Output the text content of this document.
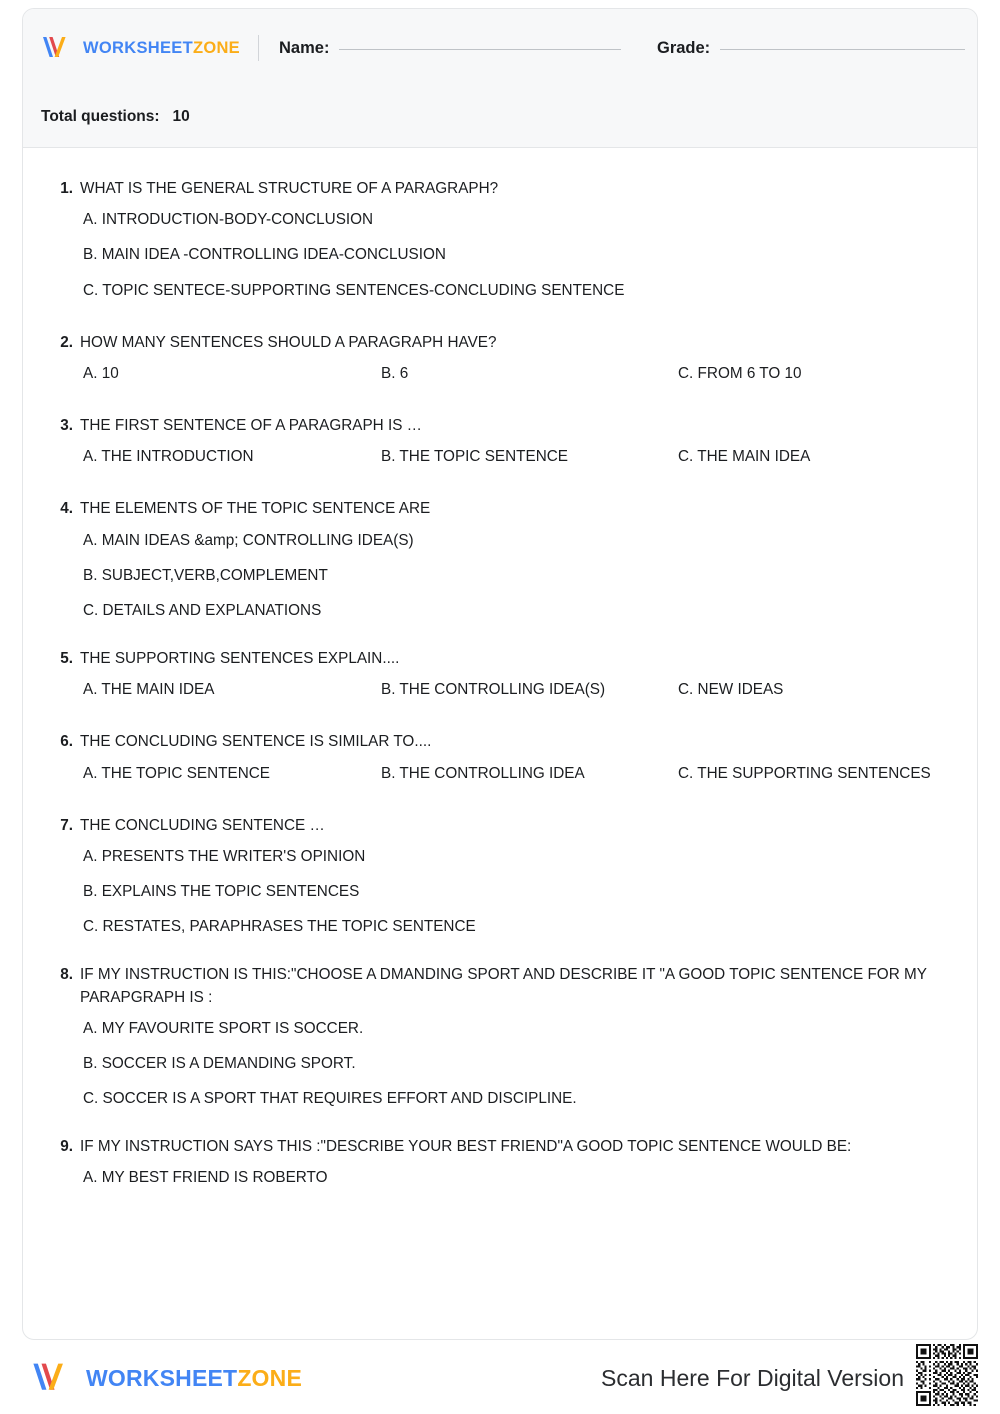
WORKSHEETZONE Name:	Grade:
Total questions:   10
1. WHAT IS THE GENERAL STRUCTURE OF A PARAGRAPH?
A. INTRODUCTION-BODY-CONCLUSION
B. MAIN IDEA -CONTROLLING IDEA-CONCLUSION
C. TOPIC SENTECE-SUPPORTING SENTENCES-CONCLUDING SENTENCE
2. HOW MANY SENTENCES SHOULD A PARAGRAPH HAVE?
A. 10	B. 6	C. FROM 6 TO 10
3. THE FIRST SENTENCE OF A PARAGRAPH IS …
A. THE INTRODUCTION	B. THE TOPIC SENTENCE	C. THE MAIN IDEA
4. THE ELEMENTS OF THE TOPIC SENTENCE ARE
A. MAIN IDEAS &amp; CONTROLLING IDEA(S)
B. SUBJECT,VERB,COMPLEMENT
C. DETAILS AND EXPLANATIONS
5. THE SUPPORTING SENTENCES EXPLAIN....
A. THE MAIN IDEA	B. THE CONTROLLING IDEA(S)	C. NEW IDEAS
6. THE CONCLUDING SENTENCE IS SIMILAR TO....
A. THE TOPIC SENTENCE	B. THE CONTROLLING IDEA	C. THE SUPPORTING SENTENCES
7. THE CONCLUDING SENTENCE …
A. PRESENTS THE WRITER'S OPINION
B. EXPLAINS THE TOPIC SENTENCES
C. RESTATES, PARAPHRASES THE TOPIC SENTENCE
8. IF MY INSTRUCTION IS THIS:"CHOOSE A DMANDING SPORT AND DESCRIBE IT "A GOOD TOPIC SENTENCE FOR MY PARAPGRAPH IS :
A. MY FAVOURITE SPORT IS SOCCER.
B. SOCCER IS A DEMANDING SPORT.
C. SOCCER IS A SPORT THAT REQUIRES EFFORT AND DISCIPLINE.
9. IF MY INSTRUCTION SAYS THIS :"DESCRIBE YOUR BEST FRIEND"A GOOD TOPIC SENTENCE WOULD BE:
A. MY BEST FRIEND IS ROBERTO
WORKSHEETZONE	Scan Here For Digital Version
